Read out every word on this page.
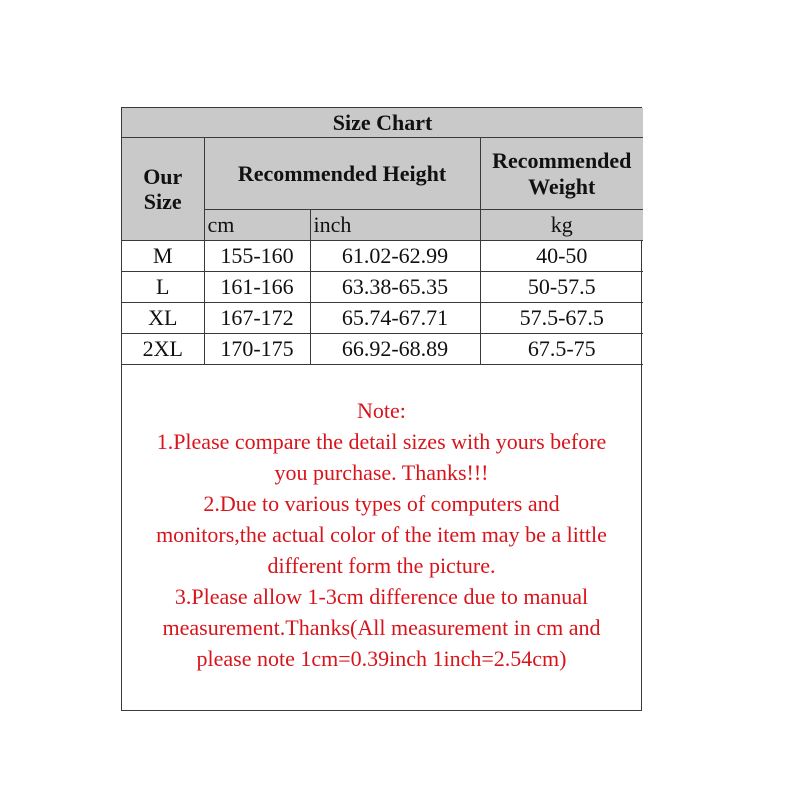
Size Chart			
Our
Size	Recommended Height		Recommended
Weight
	cm	inch	kg
M	155-160	61.02-62.99	40-50
L	161-166	63.38-65.35	50-57.5
XL	167-172	65.74-67.71	57.5-67.5
2XL	170-175	66.92-68.89	67.5-75
Note:
1.Please compare the detail sizes with yours before
you purchase. Thanks!!!
2.Due to various types of computers and
monitors,the actual color of the item may be a little
different form the picture.
3.Please allow 1-3cm difference due to manual
measurement.Thanks(All measurement in cm and
please note 1cm=0.39inch 1inch=2.54cm)
